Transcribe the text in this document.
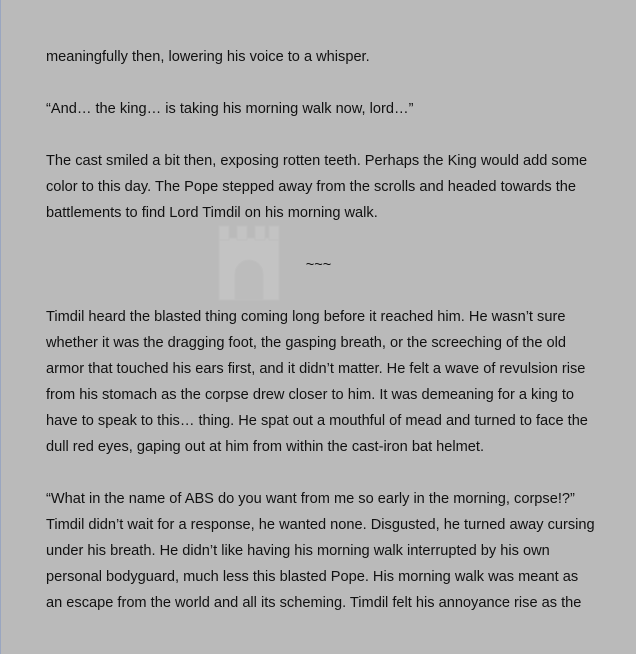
meaningfully then, lowering his voice to a whisper.
“And… the king… is taking his morning walk now, lord…”
The cast smiled a bit then, exposing rotten teeth. Perhaps the King would add some
color to this day. The Pope stepped away from the scrolls and headed towards the
battlements to find Lord Timdil on his morning walk.
~~~
Timdil heard the blasted thing coming long before it reached him. He wasn’t sure
whether it was the dragging foot, the gasping breath, or the screeching of the old
armor that touched his ears first, and it didn’t matter. He felt a wave of revulsion rise
from his stomach as the corpse drew closer to him. It was demeaning for a king to
have to speak to this… thing. He spat out a mouthful of mead and turned to face the
dull red eyes, gaping out at him from within the cast-iron bat helmet.
“What in the name of ABS do you want from me so early in the morning, corpse!?”
Timdil didn’t wait for a response, he wanted none. Disgusted, he turned away cursing
under his breath. He didn’t like having his morning walk interrupted by his own
personal bodyguard, much less this blasted Pope. His morning walk was meant as
an escape from the world and all its scheming. Timdil felt his annoyance rise as the
